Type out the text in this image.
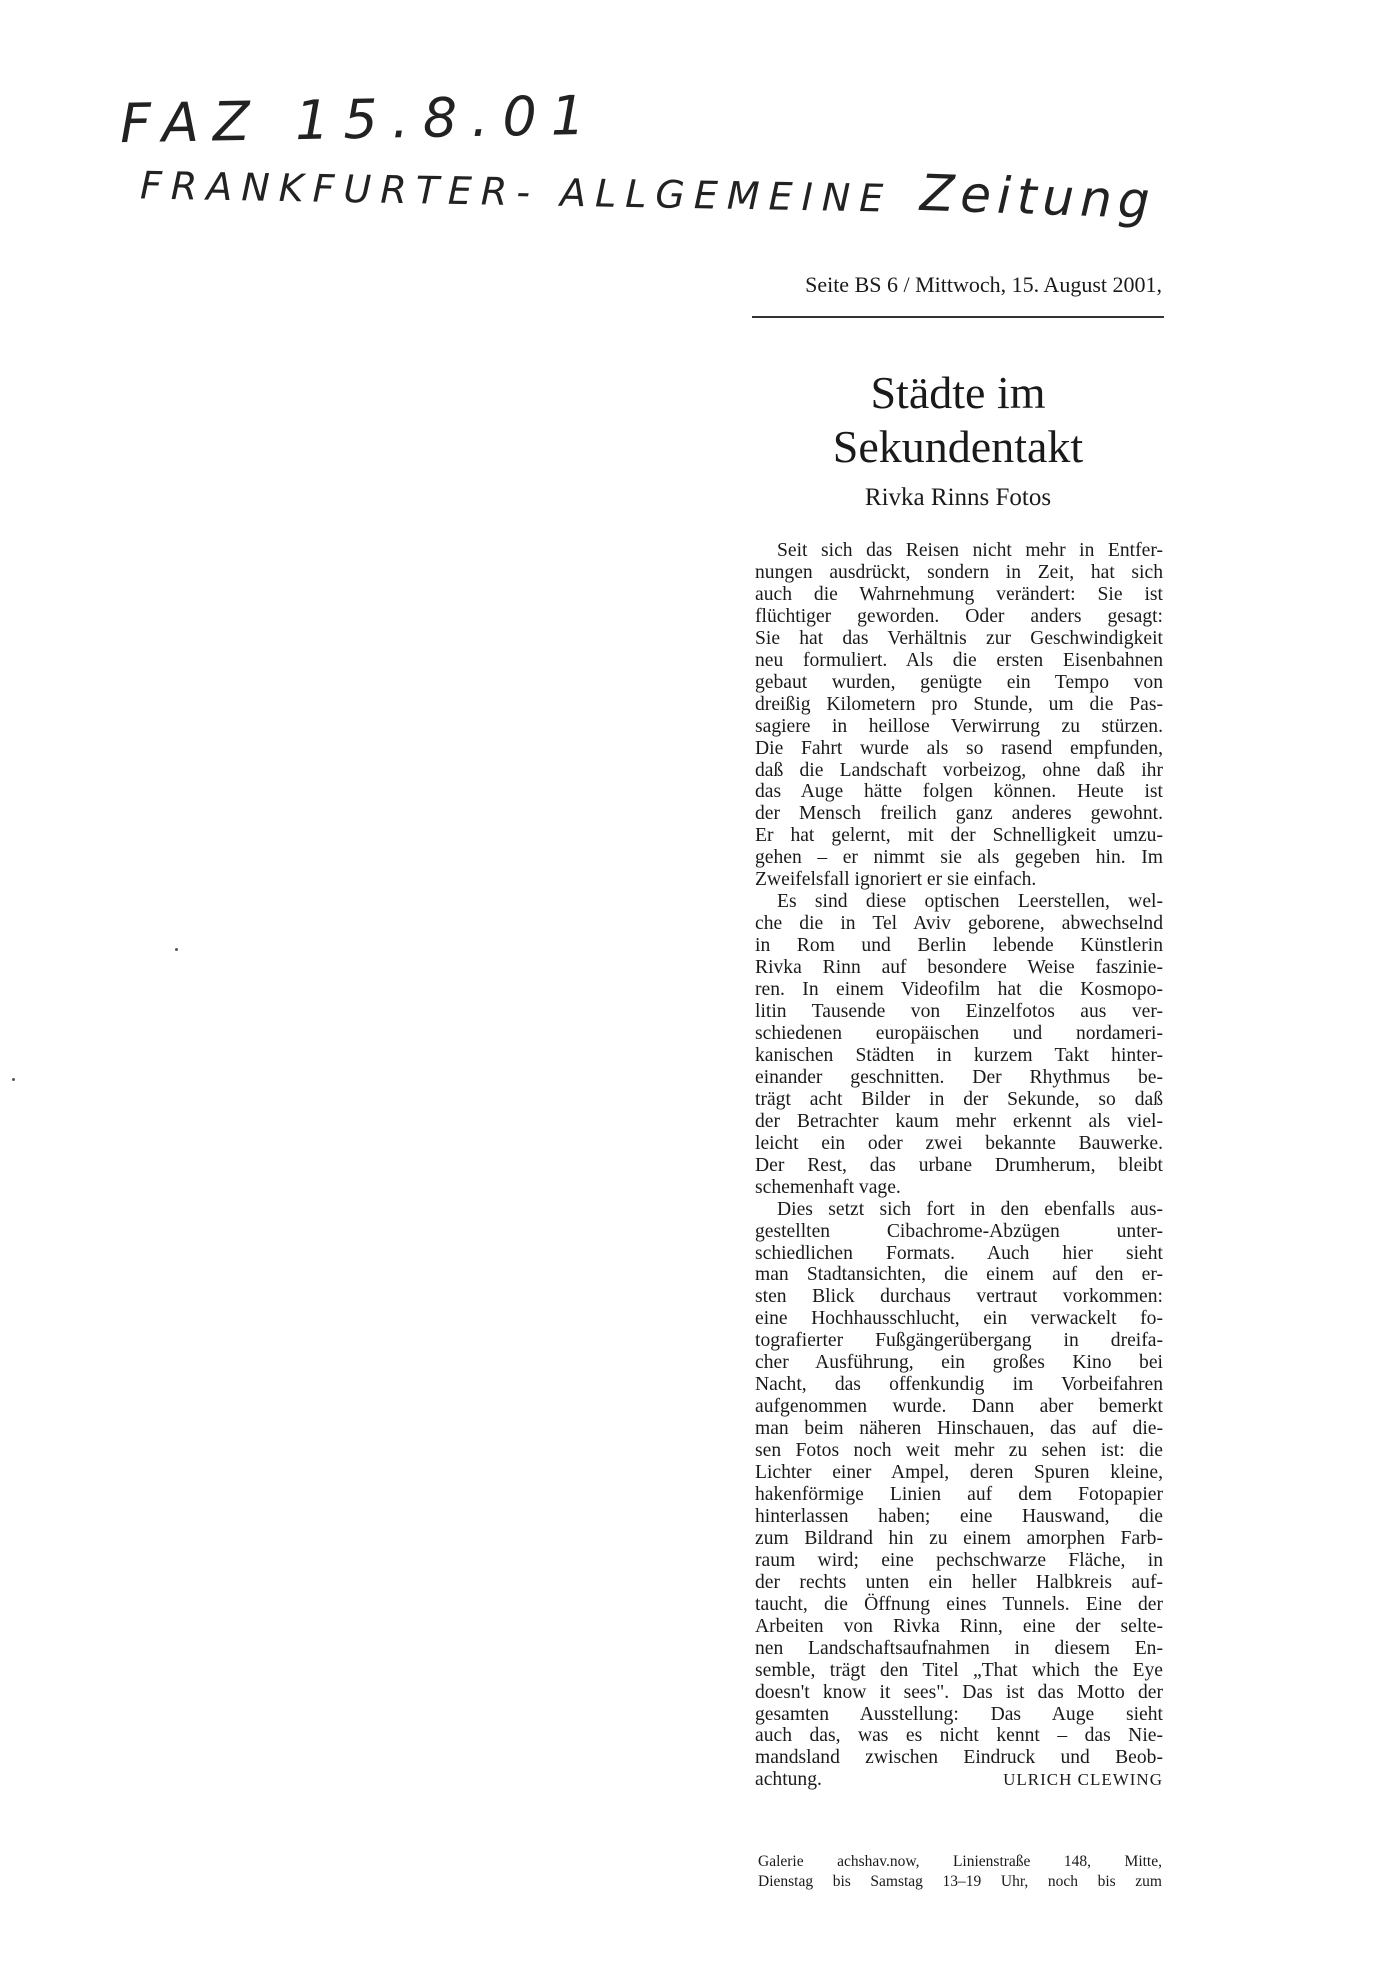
FAZ 15.8.01
FRANKFURTER- ALLGEMEINE Zeitung
Seite BS 6 / Mittwoch, 15. August 2001,
Städte im
Sekundentakt
Rivka Rinns Fotos
Seit sich das Reisen nicht mehr in Entfer-
nungen ausdrückt, sondern in Zeit, hat sich
auch die Wahrnehmung verändert: Sie ist
flüchtiger geworden. Oder anders gesagt:
Sie hat das Verhältnis zur Geschwindigkeit
neu formuliert. Als die ersten Eisenbahnen
gebaut wurden, genügte ein Tempo von
dreißig Kilometern pro Stunde, um die Pas-
sagiere in heillose Verwirrung zu stürzen.
Die Fahrt wurde als so rasend empfunden,
daß die Landschaft vorbeizog, ohne daß ihr
das Auge hätte folgen können. Heute ist
der Mensch freilich ganz anderes gewohnt.
Er hat gelernt, mit der Schnelligkeit umzu-
gehen – er nimmt sie als gegeben hin. Im
Zweifelsfall ignoriert er sie einfach.
Es sind diese optischen Leerstellen, wel-
che die in Tel Aviv geborene, abwechselnd
in Rom und Berlin lebende Künstlerin
Rivka Rinn auf besondere Weise faszinie-
ren. In einem Videofilm hat die Kosmopo-
litin Tausende von Einzelfotos aus ver-
schiedenen europäischen und nordameri-
kanischen Städten in kurzem Takt hinter-
einander geschnitten. Der Rhythmus be-
trägt acht Bilder in der Sekunde, so daß
der Betrachter kaum mehr erkennt als viel-
leicht ein oder zwei bekannte Bauwerke.
Der Rest, das urbane Drumherum, bleibt
schemenhaft vage.
Dies setzt sich fort in den ebenfalls aus-
gestellten Cibachrome-Abzügen unter-
schiedlichen Formats. Auch hier sieht
man Stadtansichten, die einem auf den er-
sten Blick durchaus vertraut vorkommen:
eine Hochhausschlucht, ein verwackelt fo-
tografierter Fußgängerübergang in dreifa-
cher Ausführung, ein großes Kino bei
Nacht, das offenkundig im Vorbeifahren
aufgenommen wurde. Dann aber bemerkt
man beim näheren Hinschauen, das auf die-
sen Fotos noch weit mehr zu sehen ist: die
Lichter einer Ampel, deren Spuren kleine,
hakenförmige Linien auf dem Fotopapier
hinterlassen haben; eine Hauswand, die
zum Bildrand hin zu einem amorphen Farb-
raum wird; eine pechschwarze Fläche, in
der rechts unten ein heller Halbkreis auf-
taucht, die Öffnung eines Tunnels. Eine der
Arbeiten von Rivka Rinn, eine der selte-
nen Landschaftsaufnahmen in diesem En-
semble, trägt den Titel „That which the Eye
doesn't know it sees". Das ist das Motto der
gesamten Ausstellung: Das Auge sieht
auch das, was es nicht kennt – das Nie-
mandsland zwischen Eindruck und Beob-
achtung.	ULRICH CLEWING
Galerie achshav.now, Linienstraße 148, Mitte,
Dienstag bis Samstag 13–19 Uhr, noch bis zum
